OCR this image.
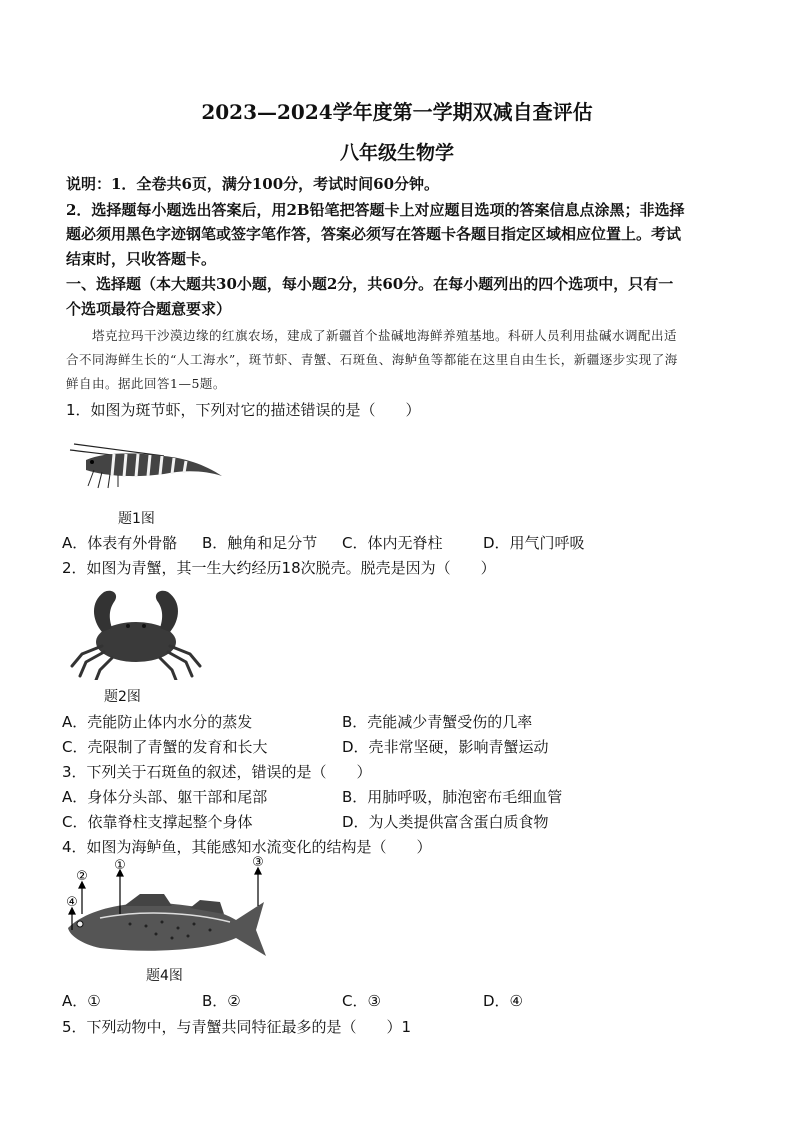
2023—2024学年度第一学期双减自查评估
八年级生物学
说明：1．全卷共6页，满分100分，考试时间60分钟。
2．选择题每小题选出答案后，用2B铅笔把答题卡上对应题目选项的答案信息点涂黑；非选择
题必须用黑色字迹钢笔或签字笔作答，答案必须写在答题卡各题目指定区域相应位置上。考试
结束时，只收答题卡。
一、选择题（本大题共30小题，每小题2分，共60分。在每小题列出的四个选项中，只有一
个选项最符合题意要求）
塔克拉玛干沙漠边缘的红旗农场，建成了新疆首个盐碱地海鲜养殖基地。科研人员利用盐碱水调配出适
合不同海鲜生长的“人工海水”，斑节虾、青蟹、石斑鱼、海鲈鱼等都能在这里自由生长，新疆逐步实现了海
鲜自由。据此回答1—5题。
1．如图为斑节虾，下列对它的描述错误的是（　　）
题1图
A．体表有外骨骼 B．触角和足分节 C．体内无脊柱	D．用气门呼吸
2．如图为青蟹，其一生大约经历18次脱壳。脱壳是因为（　　）
题2图
A．壳能防止体内水分的蒸发	B．壳能减少青蟹受伤的几率
C．壳限制了青蟹的发育和长大	D．壳非常坚硬，影响青蟹运动
3．下列关于石斑鱼的叙述，错误的是（　　）
A．身体分头部、躯干部和尾部	B．用肺呼吸，肺泡密布毛细血管
C．依靠脊柱支撑起整个身体	D．为人类提供富含蛋白质食物
4．如图为海鲈鱼，其能感知水流变化的结构是（　　）
②
①	③
④
题4图
A．①	B．②	C．③	D．④
5．下列动物中，与青蟹共同特征最多的是（　　）1
